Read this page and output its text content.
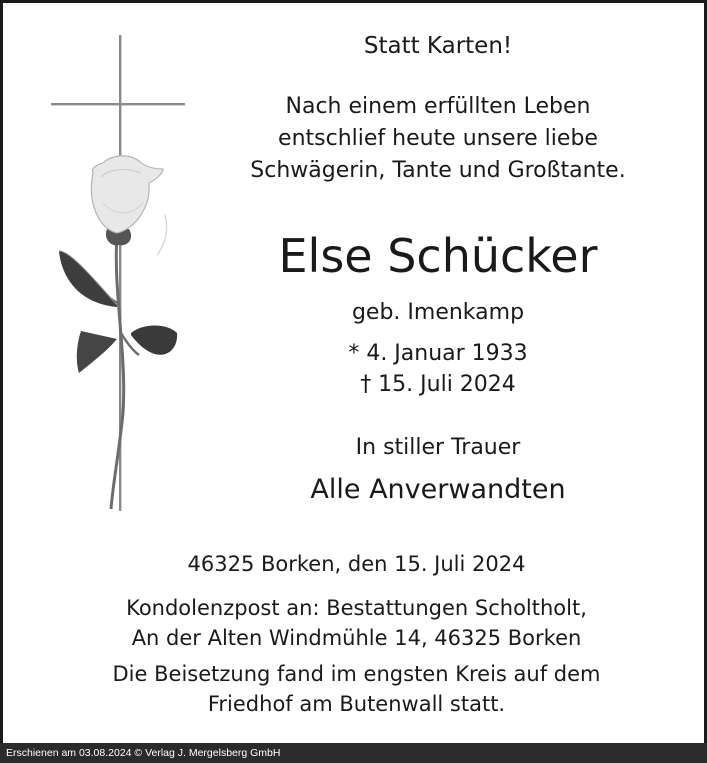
Statt Karten!
Nach einem erfüllten Leben
entschlief heute unsere liebe
Schwägerin, Tante und Großtante.
Else Schücker
geb. Imenkamp
* 4. Januar 1933
† 15. Juli 2024
In stiller Trauer
Alle Anverwandten
46325 Borken, den 15. Juli 2024
Kondolenzpost an: Bestattungen Scholtholt,
An der Alten Windmühle 14, 46325 Borken
Die Beisetzung fand im engsten Kreis auf dem
Friedhof am Butenwall statt.
Erschienen am 03.08.2024 © Verlag J. Mergelsberg GmbH
